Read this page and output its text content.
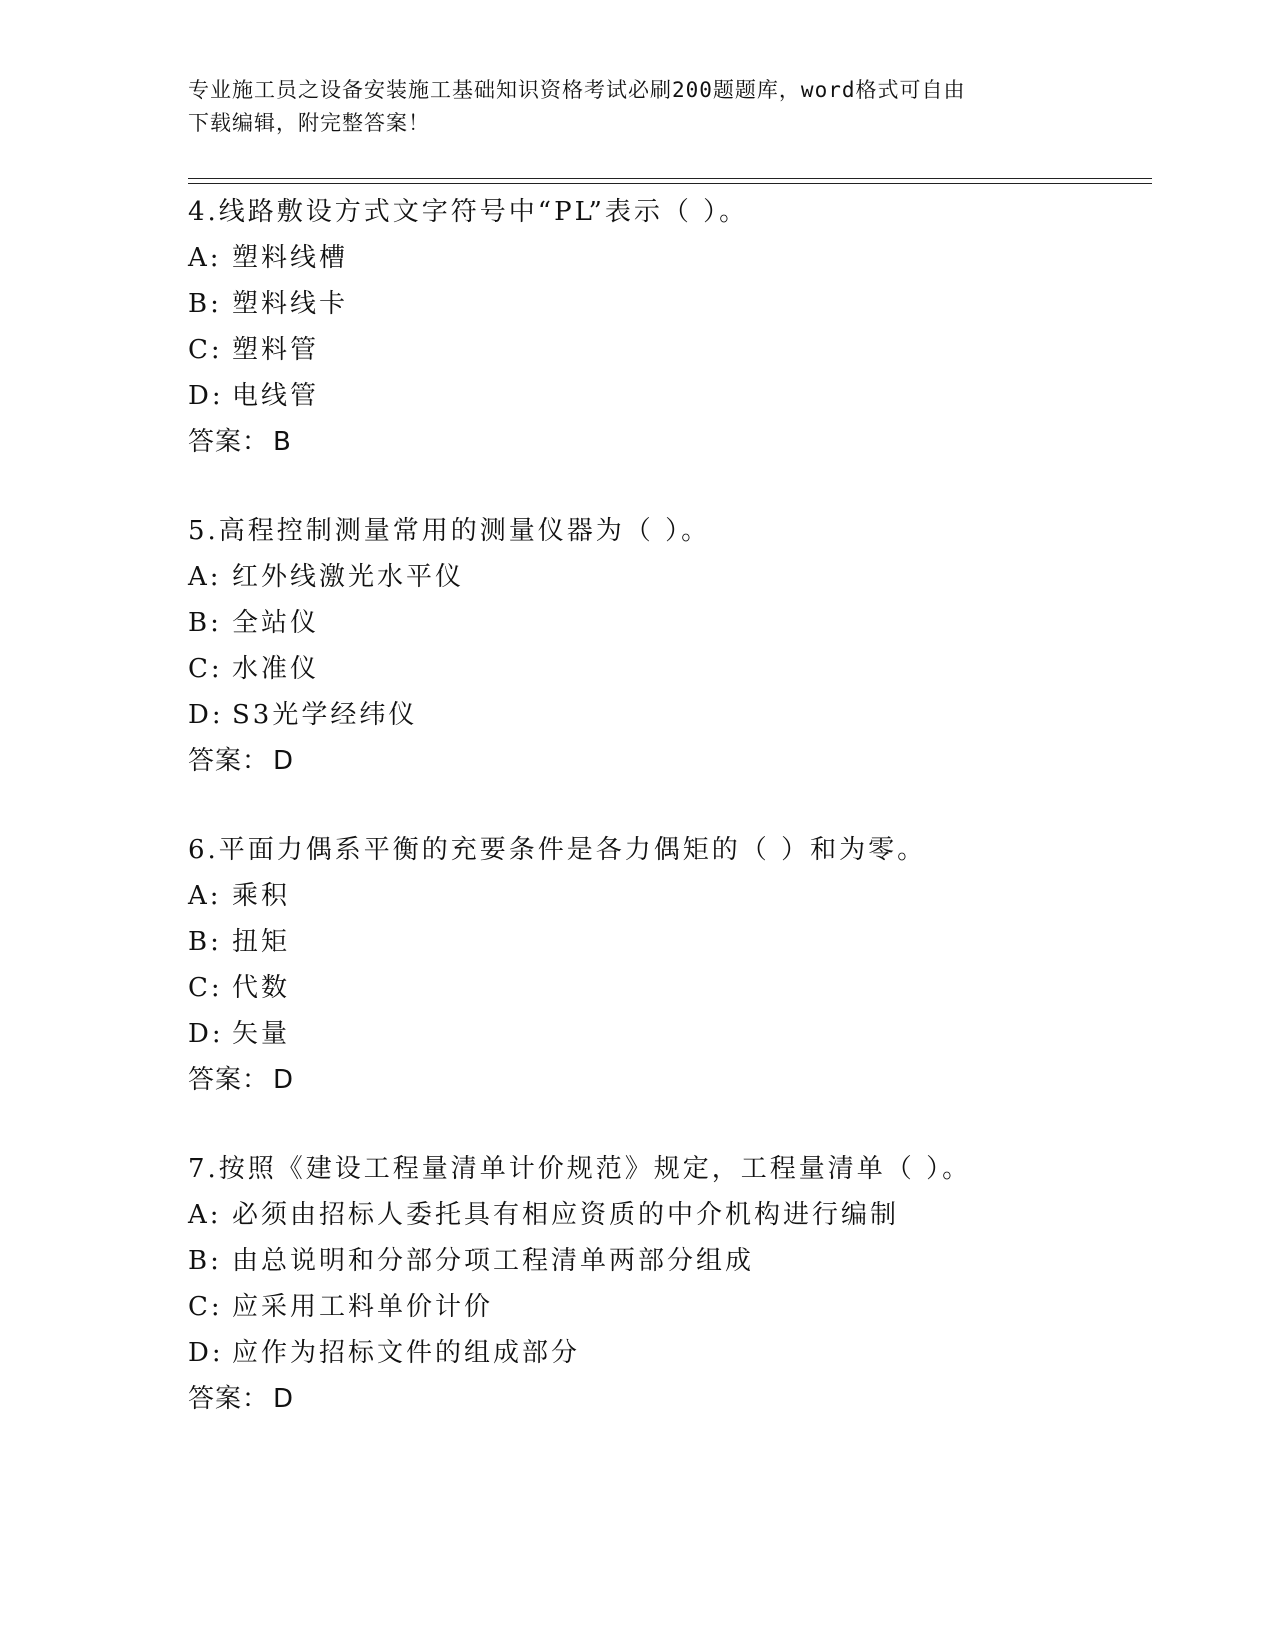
专业施工员之设备安装施工基础知识资格考试必刷200题题库，word格式可自由
下载编辑，附完整答案！
4.线路敷设方式文字符号中“PL”表示（ ）。
A: 塑料线槽
B: 塑料线卡
C: 塑料管
D: 电线管
答案： B
5.高程控制测量常用的测量仪器为（ ）。
A: 红外线激光水平仪
B: 全站仪
C: 水准仪
D: S3光学经纬仪
答案： D
6.平面力偶系平衡的充要条件是各力偶矩的（ ）和为零。
A: 乘积
B: 扭矩
C: 代数
D: 矢量
答案： D
7.按照《建设工程量清单计价规范》规定，工程量清单（ ）。
A: 必须由招标人委托具有相应资质的中介机构进行编制
B: 由总说明和分部分项工程清单两部分组成
C: 应采用工料单价计价
D: 应作为招标文件的组成部分
答案： D
